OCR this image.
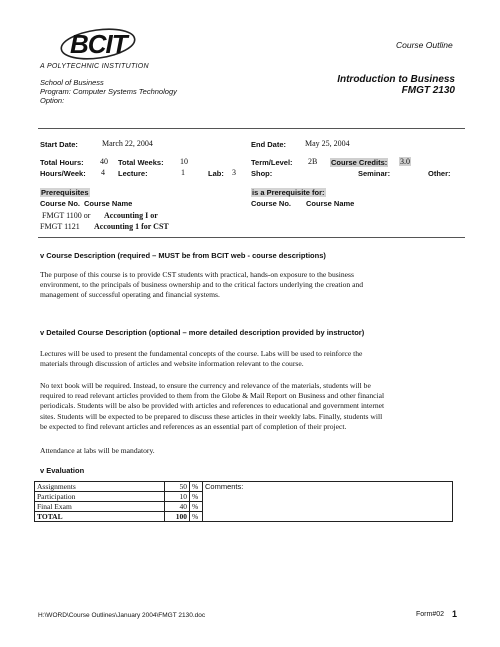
BCIT
A POLYTECHNIC INSTITUTION
Course Outline
School of Business
Program: Computer Systems Technology
Option:
Introduction to Business
FMGT 2130
Start Date:	March 22, 2004	End Date: May 25, 2004
Total Hours: 40 Total Weeks: 10	Term/Level: 2B Course Credits: 3.0
Hours/Week: 4 Lecture:	1	Lab: 3 Shop:	Seminar:	Other:
Prerequisites	is a Prerequisite for:
Course No. Course Name	Course No. Course Name
FMGT 1100 or Accounting I or
FMGT 1121 Accounting 1 for CST
v Course Description (required – MUST be from BCIT web - course descriptions)
The purpose of this course is to provide CST students with practical, hands-on exposure to the business
environment, to the principals of business ownership and to the critical factors underlying the creation and
management of successful operating and financial systems.
v Detailed Course Description (optional – more detailed description provided by instructor)
Lectures will be used to present the fundamental concepts of the course. Labs will be used to reinforce the
materials through discussion of articles and website information relevant to the course.
No text book will be required. Instead, to ensure the currency and relevance of the materials, students will be
required to read relevant articles provided to them from the Globe & Mail Report on Business and other financial
periodicals. Students will be also be provided with articles and references to educational and government internet
sites. Students will be expected to be prepared to discuss these articles in their weekly labs. Finally, students will
be expected to find relevant articles and references as an essential part of completion of their project.
Attendance at labs will be mandatory.
v Evaluation
Assignments	50	%	Comments:
Participation	10	%	
Final Exam	40	%	
TOTAL	100	%	
H:\WORD\Course Outlines\January 2004\FMGT 2130.doc	Form#02 1
